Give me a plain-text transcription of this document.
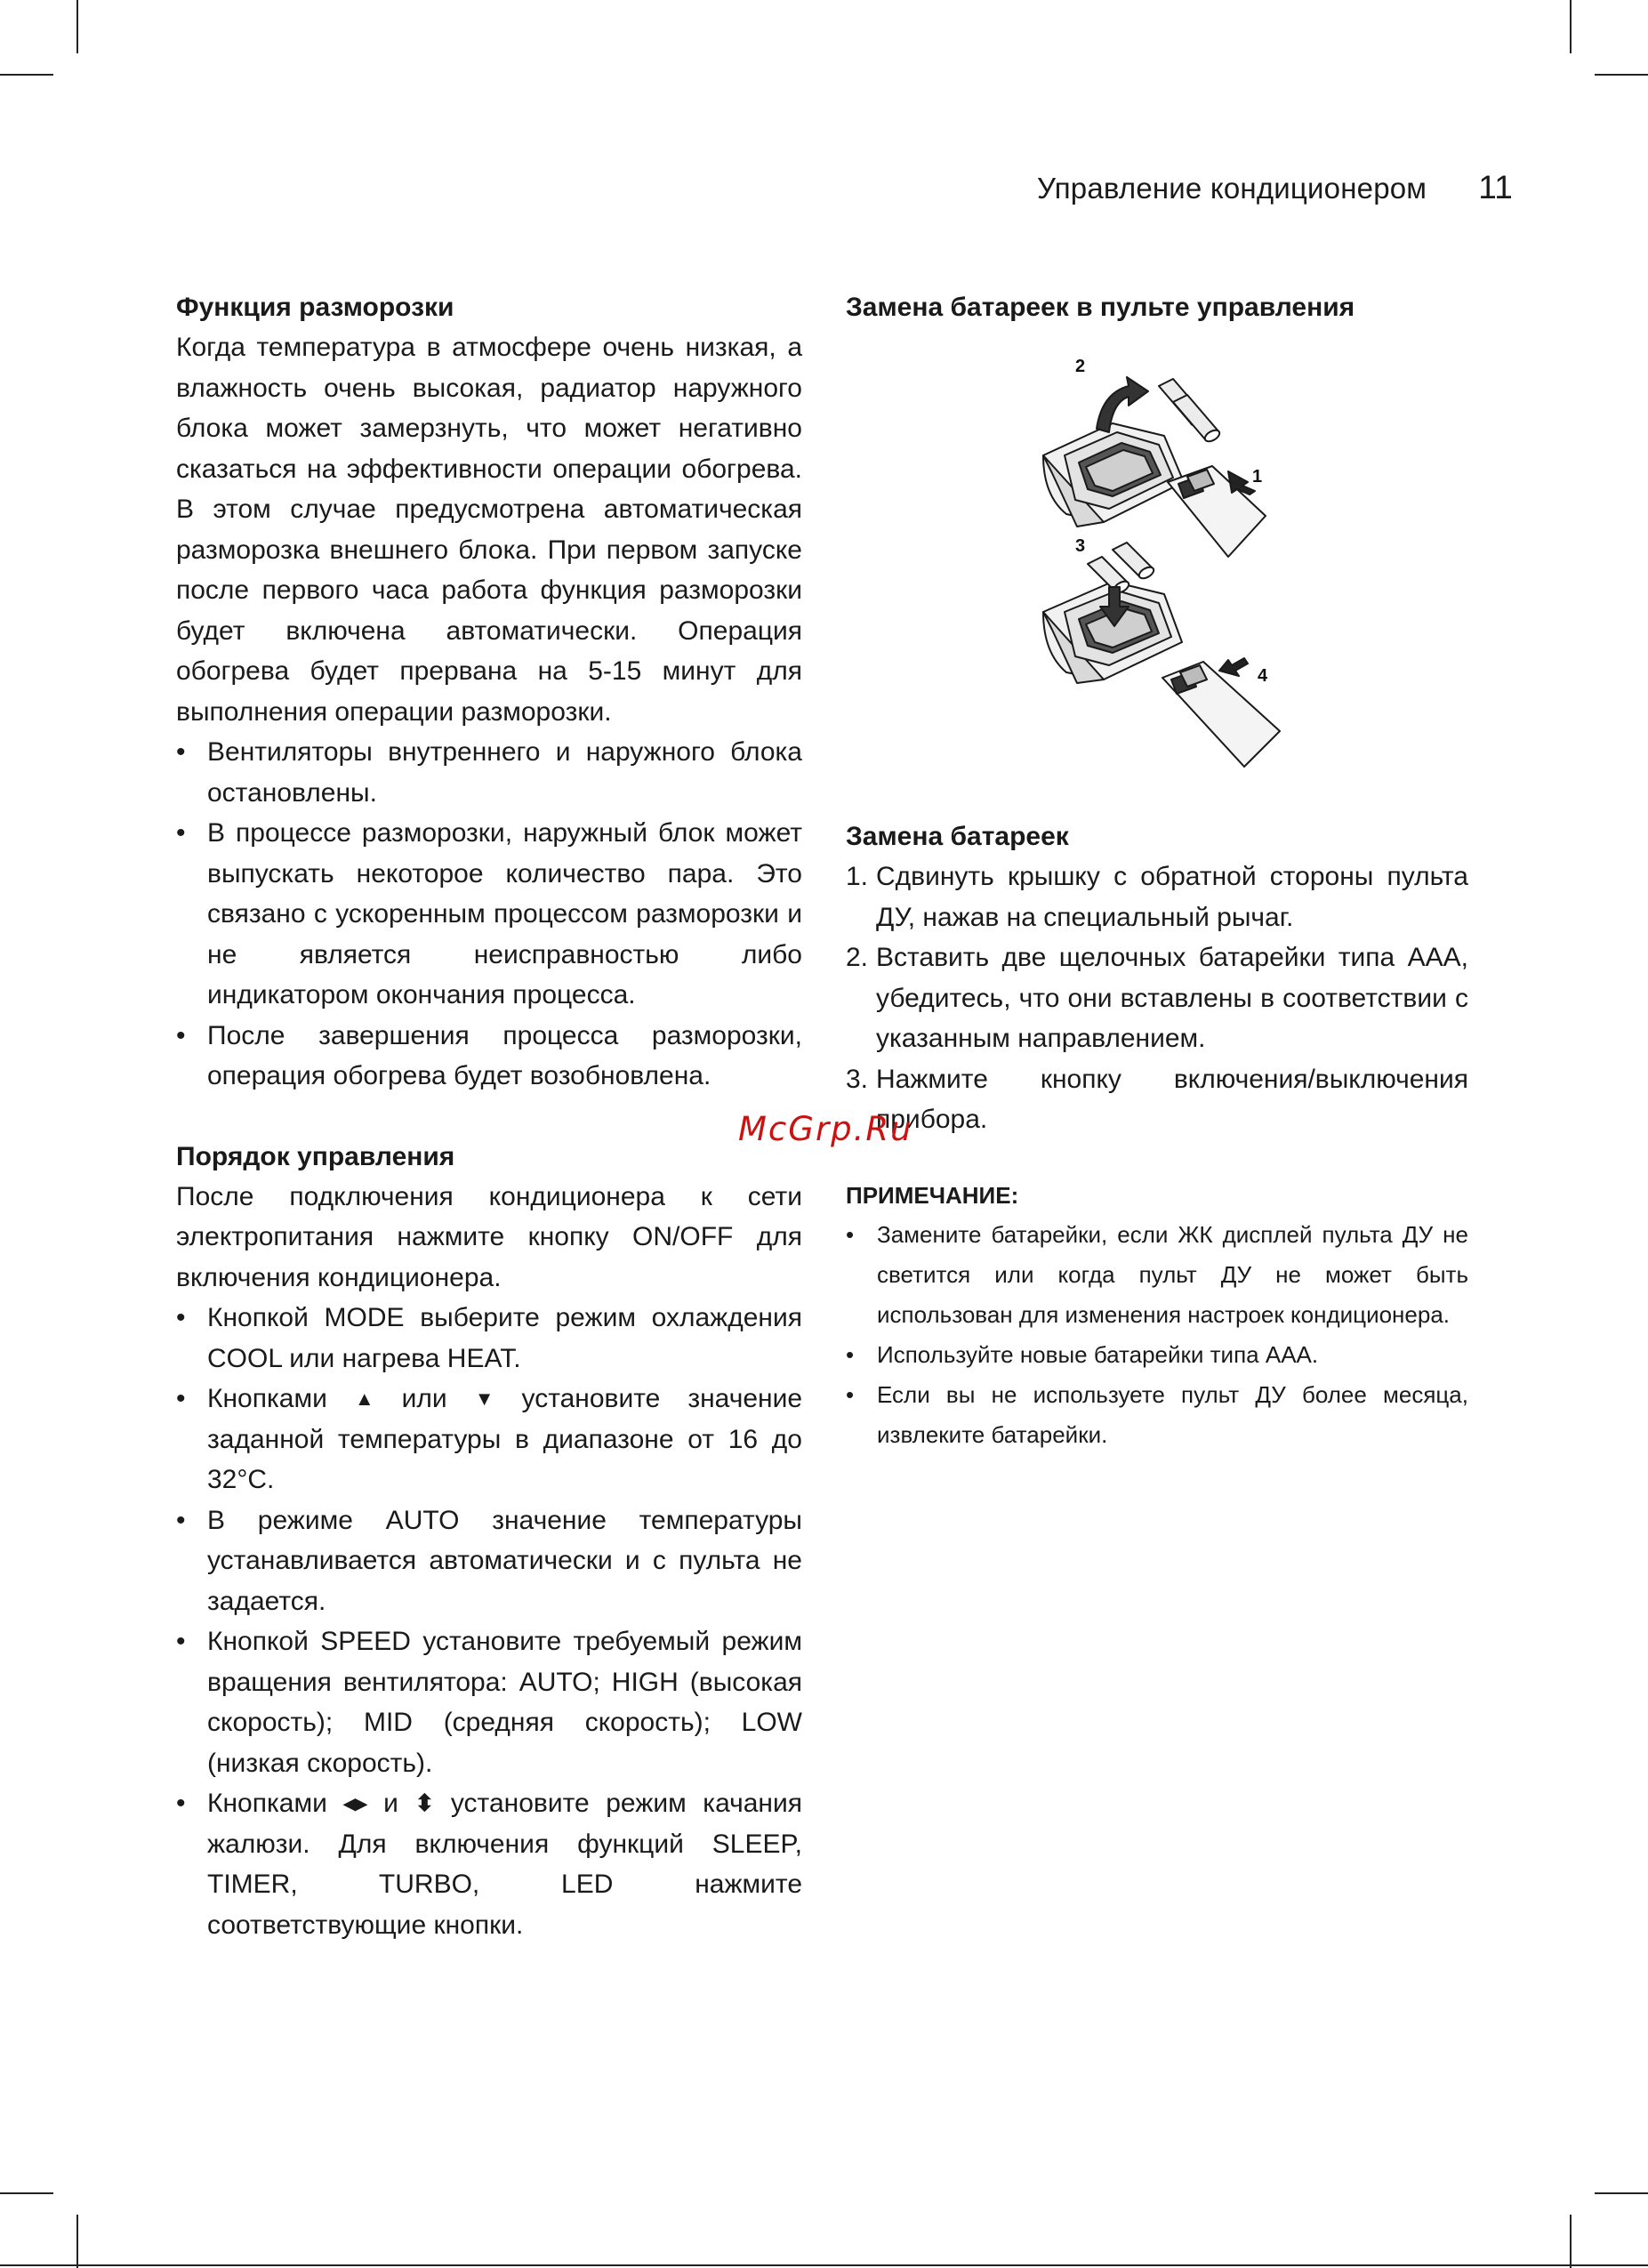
Управление кондиционером 11

Функция разморозки

Когда температура в атмосфере очень низкая, а влажность очень высокая, радиатор наружного блока может замерзнуть, что может негативно сказаться на эффективности операции обогрева. В этом случае предусмотрена автоматическая разморозка внешнего блока. При первом запуске после первого часа работа функция разморозки будет включена автоматически. Операция обогрева будет прервана на 5-15 минут для выполнения операции разморозки.

• Вентиляторы внутреннего и наружного блока остановлены.
• В процессе разморозки, наружный блок может выпускать некоторое количество пара. Это связано с ускоренным процессом разморозки и не является неисправностью либо индикатором окончания процесса.
• После завершения процесса разморозки, операция обогрева будет возобновлена.

Порядок управления

После подключения кондиционера к сети электропитания нажмите кнопку ON/OFF для включения кондиционера.

• Кнопкой MODE выберите режим охлаждения COOL или нагрева HEAT.
• Кнопками ▲ или ▼ установите значение заданной температуры в диапазоне от 16 до 32°C.
• В режиме AUTO значение температуры устанавливается автоматически и с пульта не задается.
• Кнопкой SPEED установите требуемый режим вращения вентилятора: AUTO; HIGH (высокая скорость); MID (средняя скорость); LOW (низкая скорость).
• Кнопками ◂▸ и ⬍ установите режим качания жалюзи. Для включения функций SLEEP, TIMER, TURBO, LED нажмите соответствующие кнопки.

Замена батареек в пульте управления

2
1
3
4

Замена батареек

1. Сдвинуть крышку с обратной стороны пульта ДУ, нажав на специальный рычаг.
2. Вставить две щелочных батарейки типа AAA, убедитесь, что они вставлены в соответствии с указанным направлением.
3. Нажмите кнопку включения/выключения прибора.

ПРИМЕЧАНИЕ:

• Замените батарейки, если ЖК дисплей пульта ДУ не светится или когда пульт ДУ не может быть использован для изменения настроек кондиционера.
• Используйте новые батарейки типа AAA.
• Если вы не используете пульт ДУ более месяца, извлеките батарейки.
McGrp.Ru
